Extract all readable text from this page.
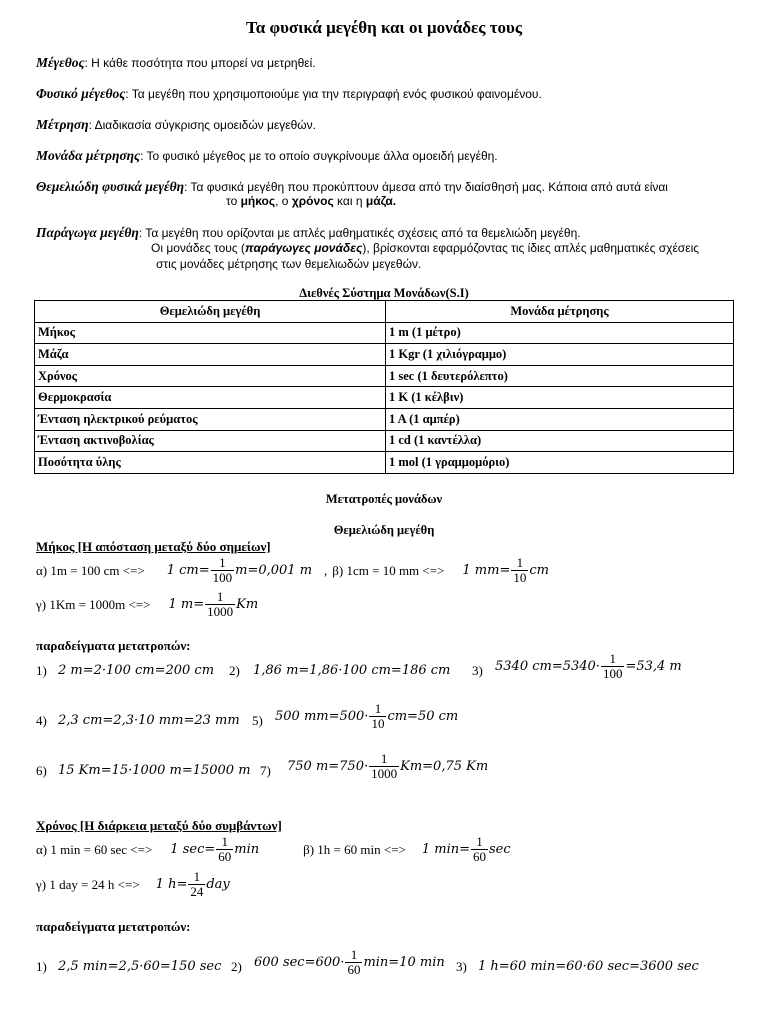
Τα φυσικά μεγέθη και οι μονάδες τους
Μέγεθος: Η κάθε ποσότητα που μπορεί να μετρηθεί.
Φυσικό μέγεθος: Τα μεγέθη που χρησιμοποιούμε για την περιγραφή ενός φυσικού φαινομένου.
Μέτρηση: Διαδικασία σύγκρισης ομοειδών μεγεθών.
Μονάδα μέτρησης: Το φυσικό μέγεθος με το οποίο συγκρίνουμε άλλα ομοειδή μεγέθη.
Θεμελιώδη φυσικά μεγέθη: Τα φυσικά μεγέθη που προκύπτουν άμεσα από την διαίσθησή μας. Κάποια από αυτά είναι
το μήκος, ο χρόνος και η μάζα.
Παράγωγα μεγέθη: Τα μεγέθη που ορίζονται με απλές μαθηματικές σχέσεις από τα θεμελιώδη μεγέθη.
Οι μονάδες τους (παράγωγες μονάδες), βρίσκονται εφαρμόζοντας τις ίδιες απλές μαθηματικές σχέσεις
στις μονάδες μέτρησης των θεμελιωδών μεγεθών.
Διεθνές Σύστημα Μονάδων(S.I)
Θεμελιώδη μεγέθη	Μονάδα μέτρησης
Μήκος	1 m (1 μέτρο)
Μάζα	1 Kgr (1 χιλιόγραμμο)
Χρόνος	1 sec (1 δευτερόλεπτο)
Θερμοκρασία	1 K (1 κέλβιν)
Ένταση ηλεκτρικού ρεύματος	1 A (1 αμπέρ)
Ένταση ακτινοβολίας	1 cd (1 καντέλλα)
Ποσότητα ύλης	1 mol (1 γραμμομόριο)
Μετατροπές μονάδων
Θεμελιώδη μεγέθη
Μήκος [Η απόσταση μεταξύ δύο σημείων]
α) 1m = 100 cm <=> 1 $cm= \frac{1}{100} m=0,001$ m , β) 1cm = 10 mm <=> 1 $mm= \frac{1}{10}$ cm
γ) 1Km = 1000m <=> 1 $m= \frac{1}{1000}$ Km
παραδείγματα μετατροπών:
1) 2 m=2·100 cm=200 cm 2) 1,86 m=1,86·100 cm=186 cm 3) 5340 $cm=5340\cdot \frac{1}{100} =53,4$ m
4) 2,3 cm=2,3·10 mm=23 mm 5) 500 $mm=500\cdot \frac{1}{10} cm=50$ cm
6) 15 Km=15·1000 m=15000 m 7) 750 $m=750\cdot \frac{1}{1000} Km=0,75$ Km
Χρόνος [Η διάρκεια μεταξύ δύο συμβάντων]
α) 1 min = 60 sec <=> 1 $\sec= \frac{1}{60}$ min	β) 1h = 60 min <=> 1 $\min= \frac{1}{60}$ sec
γ) 1 day = 24 h <=> 1 $h= \frac{1}{24}$ day
παραδείγματα μετατροπών:
1) 2,5 min=2,5·60=150 sec 2) 600 $\sec=600\cdot \frac{1}{60} \min=10$ min 3) 1 h=60 min=60·60 sec=3600 sec
